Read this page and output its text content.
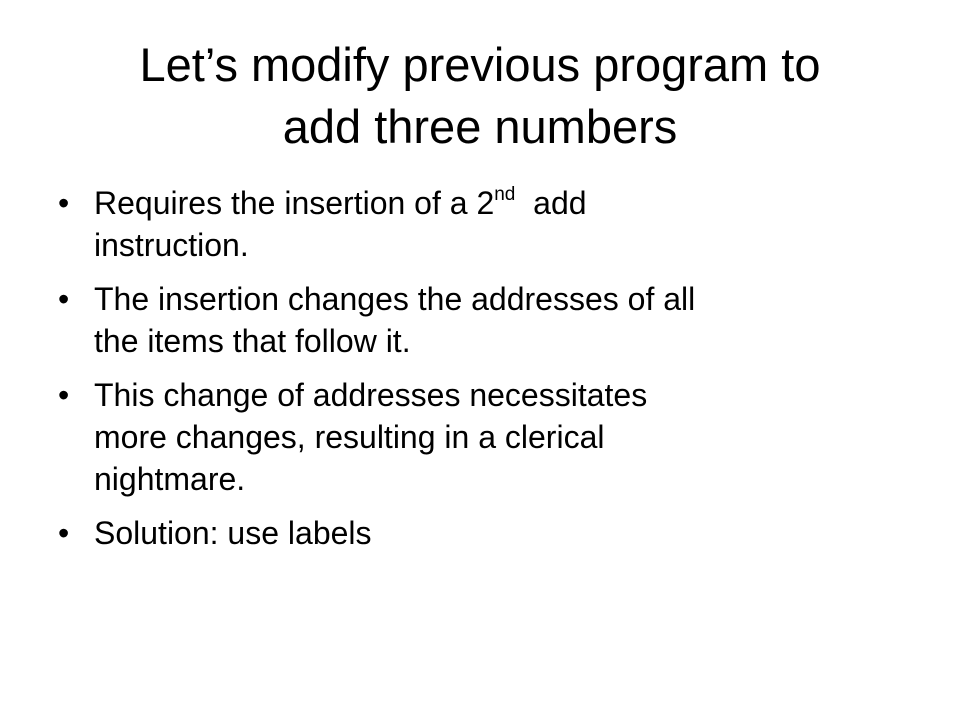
Let’s modify previous program to
add three numbers
• Requires the insertion of a 2nd  add
instruction.
• The insertion changes the addresses of all
the items that follow it.
• This change of addresses necessitates
more changes, resulting in a clerical
nightmare.
• Solution: use labels
